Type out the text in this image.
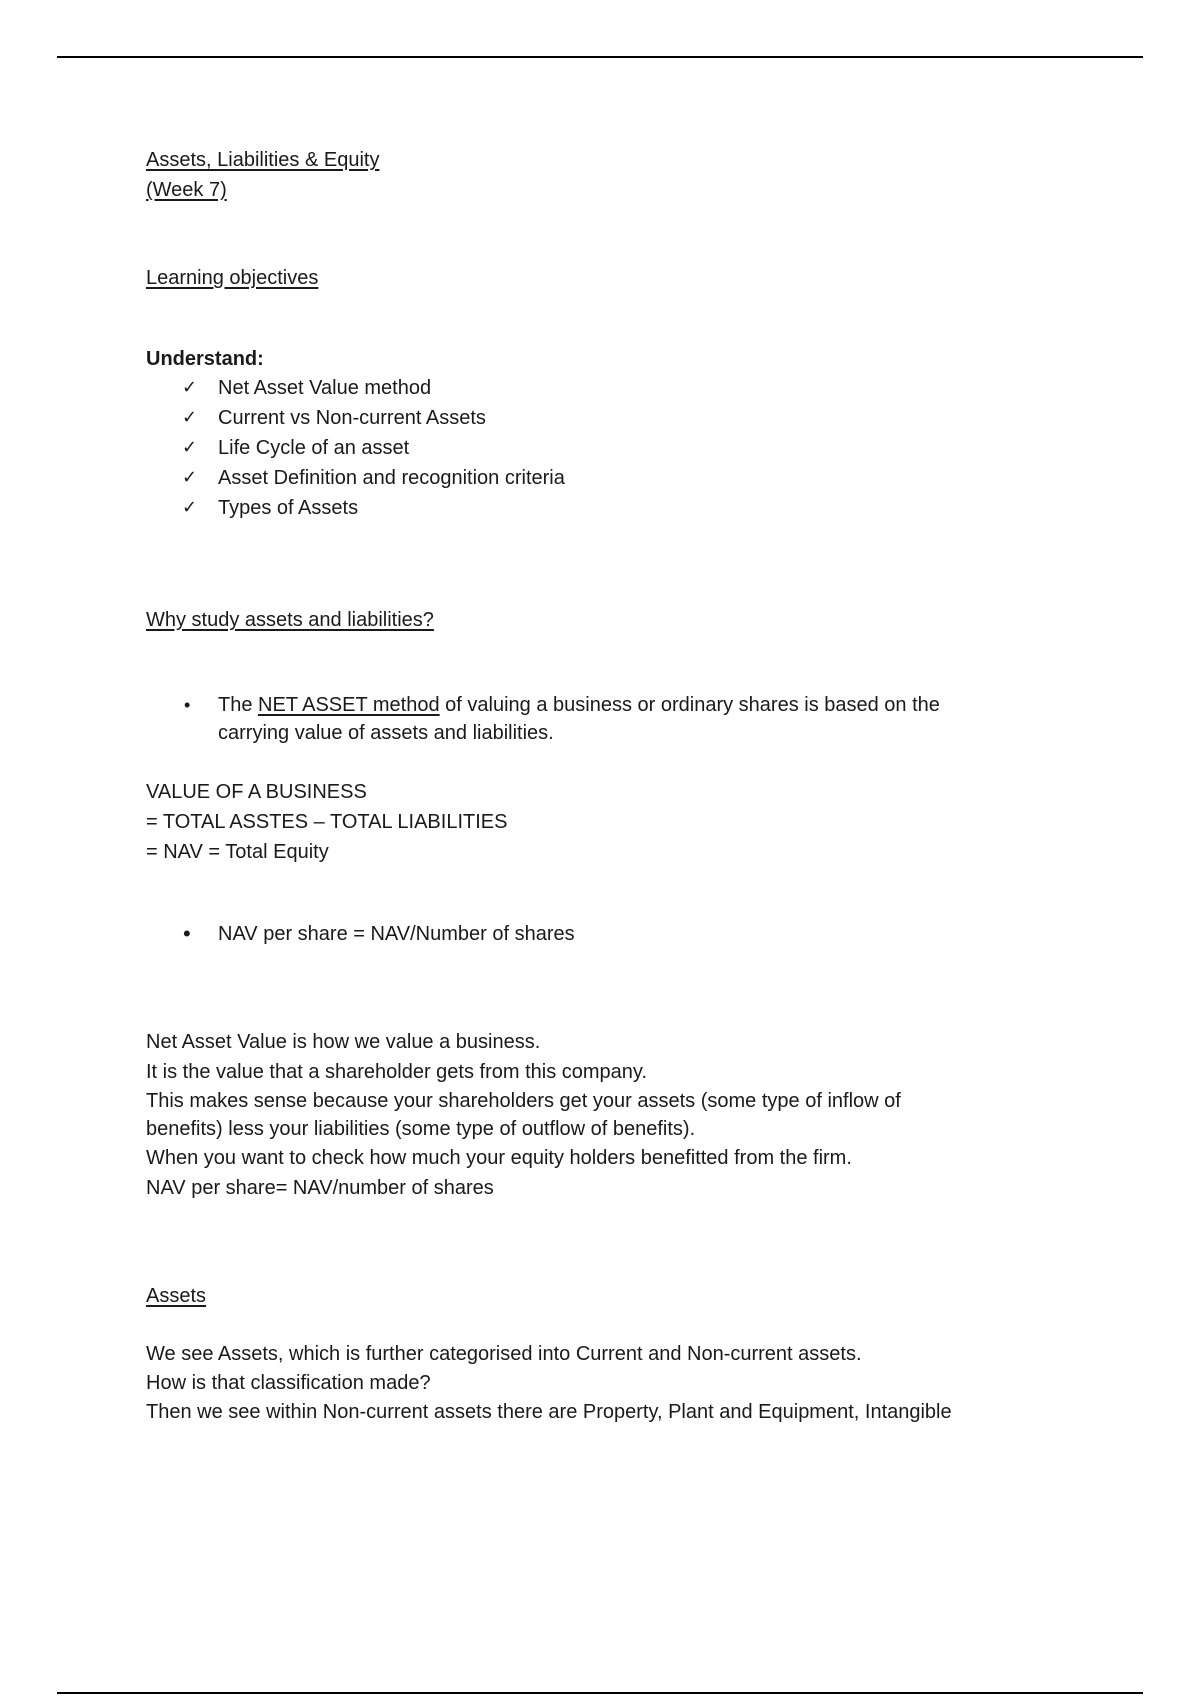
Assets, Liabilities & Equity
(Week 7)
Learning objectives
Understand:
✓	Net Asset Value method
✓	Current vs Non-current Assets
✓	Life Cycle of an asset
✓	Asset Definition and recognition criteria
✓	Types of Assets
Why study assets and liabilities?
• The NET ASSET method of valuing a business or ordinary shares is based on the carrying value of assets and liabilities.
VALUE OF A BUSINESS
= TOTAL ASSTES – TOTAL LIABILITIES
= NAV = Total Equity
• NAV per share = NAV/Number of shares
Net Asset Value is how we value a business.
It is the value that a shareholder gets from this company.
This makes sense because your shareholders get your assets (some type of inflow of
benefits) less your liabilities (some type of outflow of benefits).
When you want to check how much your equity holders benefitted from the firm.
NAV per share= NAV/number of shares
Assets
We see Assets, which is further categorised into Current and Non-current assets.
How is that classification made?
Then we see within Non-current assets there are Property, Plant and Equipment, Intangible
